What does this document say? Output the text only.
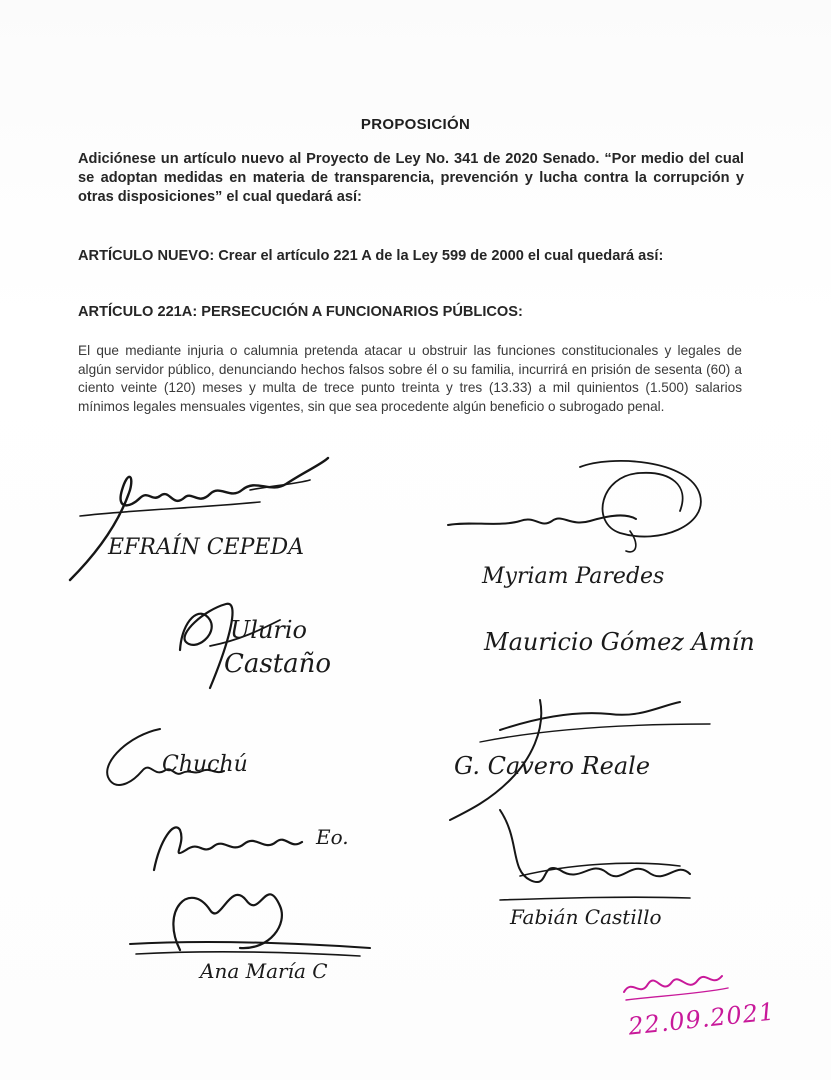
PROPOSICIÓN
Adiciónese un artículo nuevo al Proyecto de Ley No. 341 de 2020 Senado. “Por medio del cual se adoptan medidas en materia de transparencia, prevención y lucha contra la corrupción y otras disposiciones” el cual quedará así:
ARTÍCULO NUEVO: Crear el artículo 221 A de la Ley 599 de 2000 el cual quedará así:
ARTÍCULO 221A: PERSECUCIÓN A FUNCIONARIOS PÚBLICOS:
El que mediante injuria o calumnia pretenda atacar u obstruir las funciones constitucionales y legales de algún servidor público, denunciando hechos falsos sobre él o su familia, incurrirá en prisión de sesenta (60) a ciento veinte (120) meses y multa de trece punto treinta y tres (13.33) a mil quinientos (1.500) salarios mínimos legales mensuales vigentes, sin que sea procedente algún beneficio o subrogado penal.
EFRAÍN CEPEDA
Myriam Paredes
Ulurio
Castaño
Mauricio Gómez Amín
Chuchú	G. Cavero Reale
Eo.
Ana María C
Fabián Castillo
22.09.2021
